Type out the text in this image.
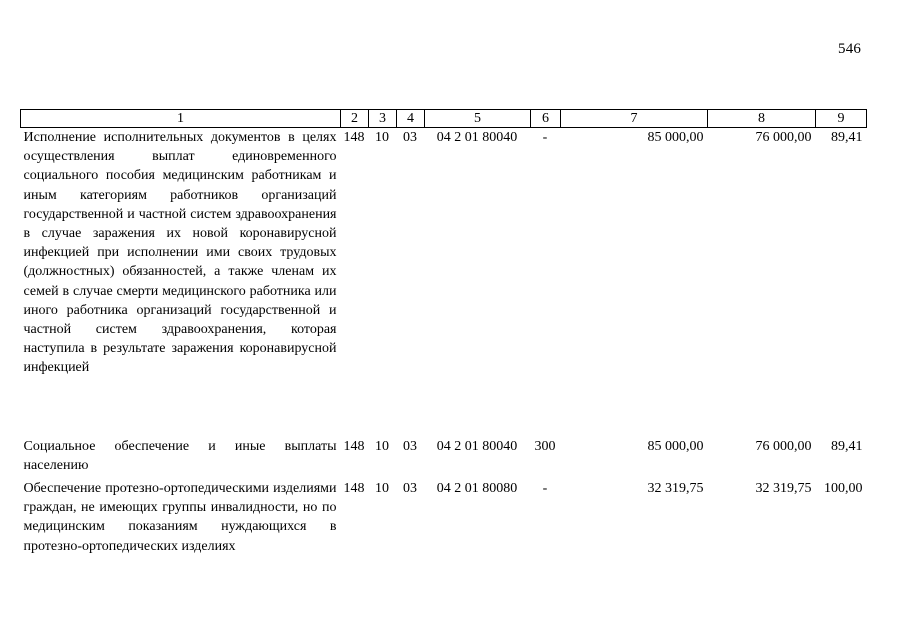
546
1	2	3	4	5	6	7	8	9
Исполнение исполнительных документов в целях осуществления выплат единовременного социального пособия медицинским работникам и иным категориям работников организаций государственной и частной систем здравоохранения в случае заражения их новой коронавирусной инфекцией при исполнении ими своих трудовых (должностных) обязанностей, а также членам их семей в случае смерти медицинского работника или иного работника организаций государственной и частной систем здравоохранения, которая наступила в результате заражения коронавирусной инфекцией	148	10	03	04 2 01 80040	-	85 000,00	76 000,00	89,41

Социальное обеспечение и иные выплаты населению	148	10	03	04 2 01 80040	300	85 000,00	76 000,00	89,41

Обеспечение протезно-ортопедическими изделиями граждан, не имеющих группы инвалидности, но по медицинским показаниям нуждающихся в протезно-ортопедических изделиях	148	10	03	04 2 01 80080	-	32 319,75	32 319,75	100,00
